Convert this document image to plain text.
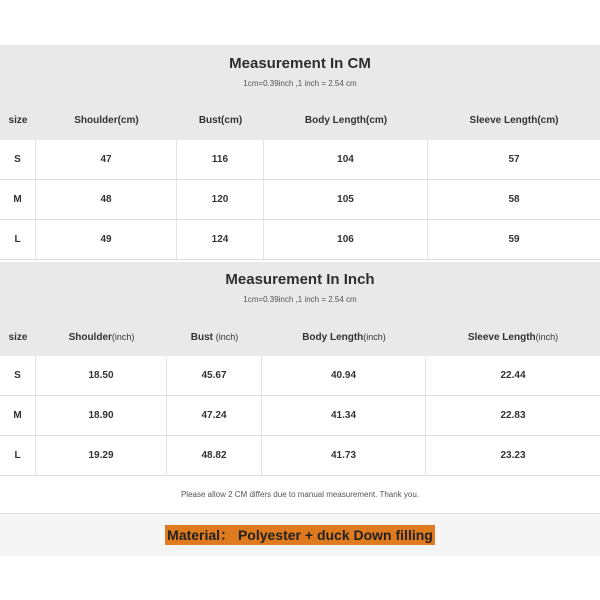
Measurement In CM
1cm=0.39inch ,1 inch = 2.54 cm
size	Shoulder(cm)	Bust(cm)	Body Length(cm)	Sleeve Length(cm)
S	47	116	104	57
M	48	120	105	58
L	49	124	106	59
Measurement In Inch
1cm=0.39inch ,1 inch = 2.54 cm
size	Shoulder(inch)	Bust (inch)	Body Length(inch)	Sleeve Length(inch)
S	18.50	45.67	40.94	22.44
M	18.90	47.24	41.34	22.83
L	19.29	48.82	41.73	23.23
Please allow 2 CM differs due to manual measurement. Thank you.
Material： Polyester + duck Down filling
